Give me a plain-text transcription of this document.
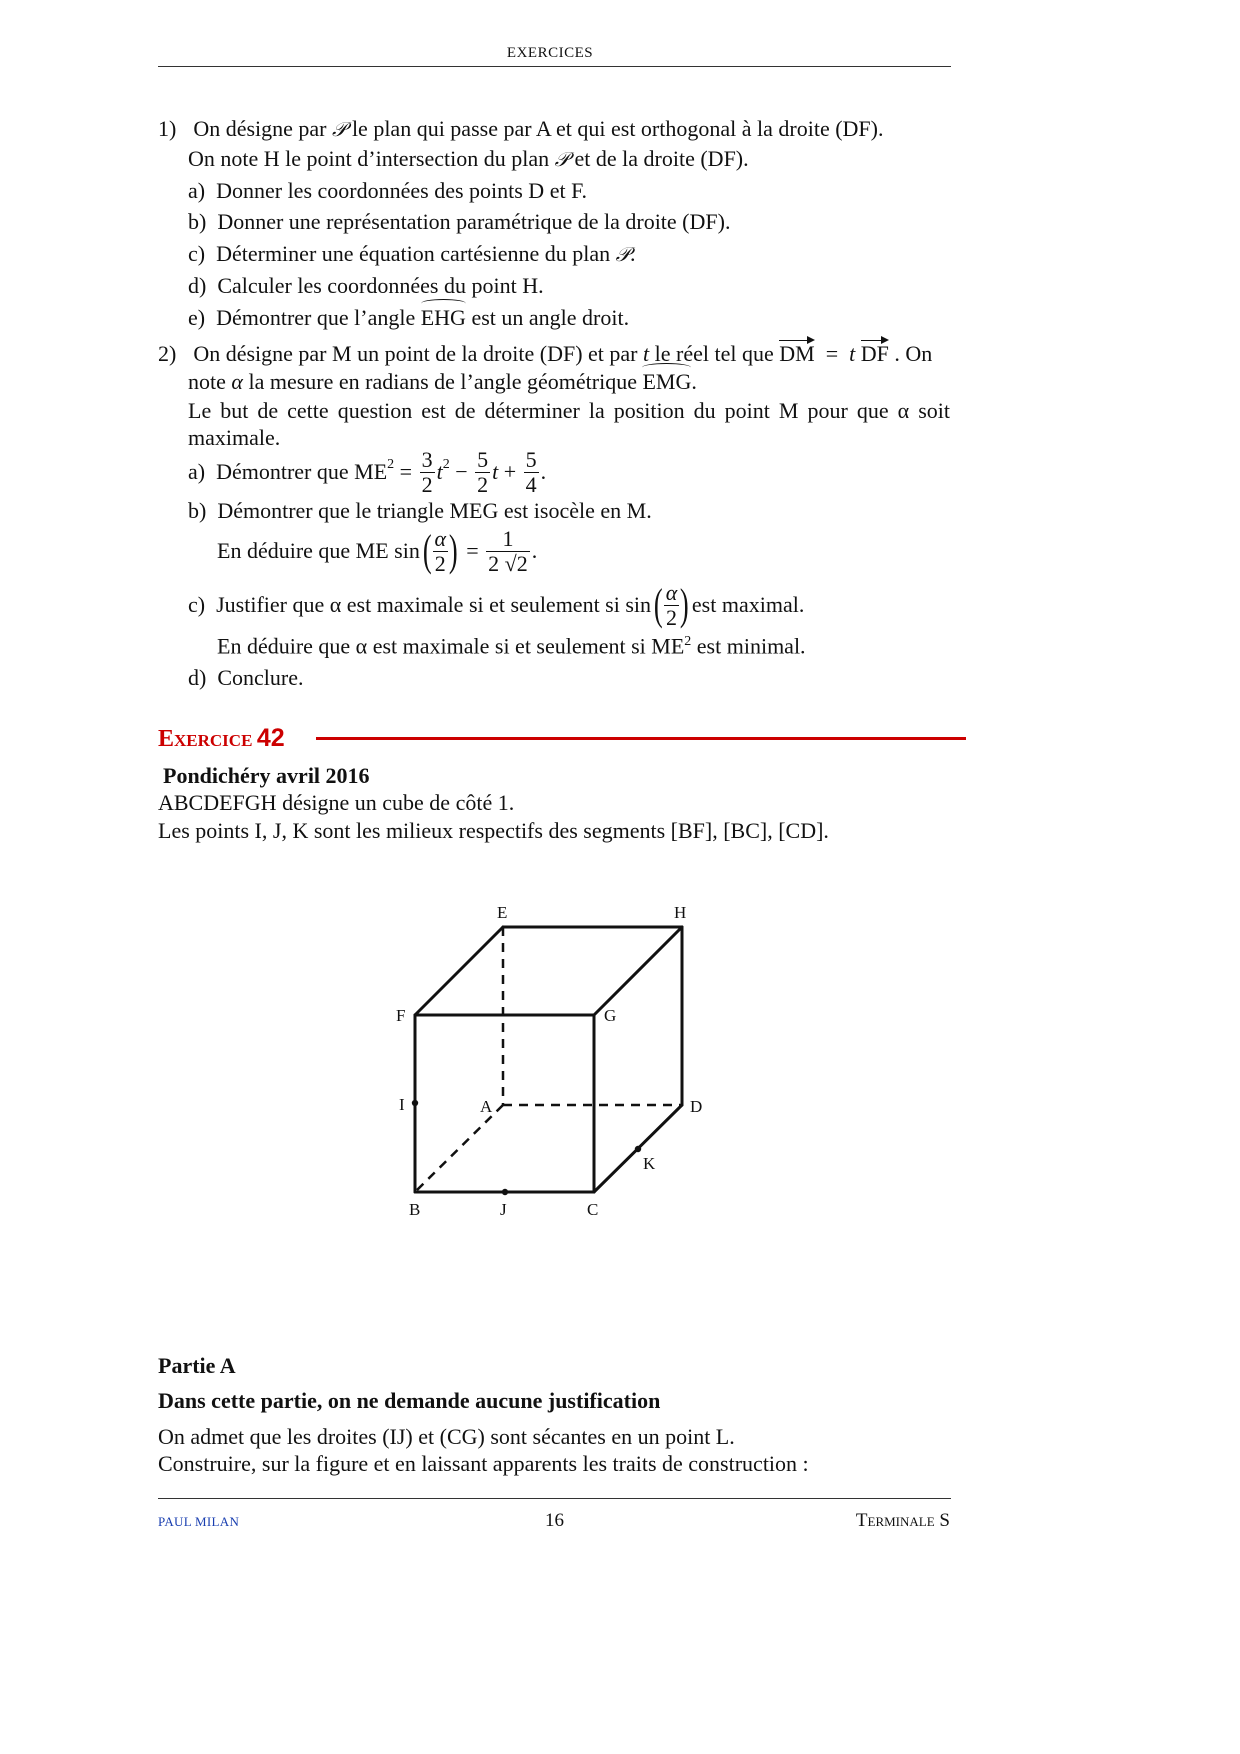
EXERCICES
1) On désigne par 𝒫 le plan qui passe par A et qui est orthogonal à la droite (DF).
On note H le point d’intersection du plan 𝒫 et de la droite (DF).
a) Donner les coordonnées des points D et F.
b) Donner une représentation paramétrique de la droite (DF).
c) Déterminer une équation cartésienne du plan 𝒫.
d) Calculer les coordonnées du point H.
e) Démontrer que l’angle EHG est un angle droit.
2) On désigne par M un point de la droite (DF) et par t le réel tel que DM = t DF . On
note α la mesure en radians de l’angle géométrique EMG.
Le but de cette question est de déterminer la position du point M pour que α soit
maximale.
a)
Démontrer que $ME^2 = \frac{3}{2} t^2 - \frac{5}{2}$ $t + \frac{5}{4}$ .
b) Démontrer que le triangle MEG est isocèle en M.
En déduire que ME sin ( $\frac{\alpha}{2}$ ) = $\frac{1}{2 √2}$ .
c)
Justifier que α est maximale si et seulement si sin ( $\frac{\alpha}{2}$ ) est maximal.
En déduire que α est maximale si et seulement si $ME^2$ est minimal.
d) Conclure.
Exercice 42
Pondichéry avril 2016
ABCDEFGH désigne un cube de côté 1.
Les points I, J, K sont les milieux respectifs des segments [BF], [BC], [CD].
E	H
F	G
I	A	D
K
B	J	C
Partie A
Dans cette partie, on ne demande aucune justification
On admet que les droites (IJ) et (CG) sont sécantes en un point L.
Construire, sur la figure et en laissant apparents les traits de construction :
PAUL MILAN	16	Terminale S
